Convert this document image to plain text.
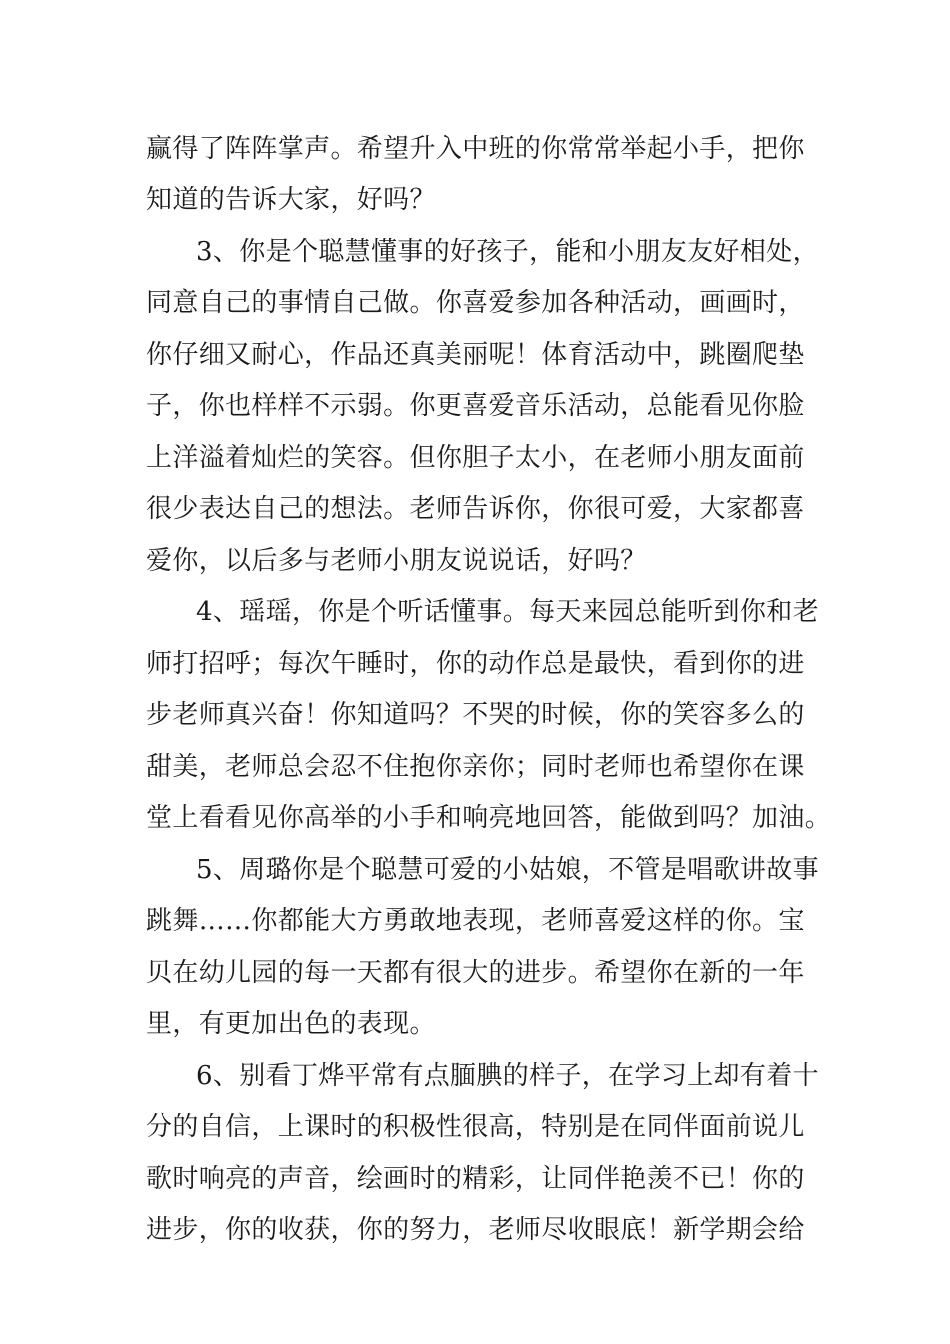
赢得了阵阵掌声。希望升入中班的你常常举起小手，把你
知道的告诉大家，好吗？
3、你是个聪慧懂事的好孩子，能和小朋友友好相处，
同意自己的事情自己做。你喜爱参加各种活动，画画时，
你仔细又耐心，作品还真美丽呢！体育活动中，跳圈爬垫
子，你也样样不示弱。你更喜爱音乐活动，总能看见你脸
上洋溢着灿烂的笑容。但你胆子太小，在老师小朋友面前
很少表达自己的想法。老师告诉你，你很可爱，大家都喜
爱你，以后多与老师小朋友说说话，好吗？
4、瑶瑶，你是个听话懂事。每天来园总能听到你和老
师打招呼；每次午睡时，你的动作总是最快，看到你的进
步老师真兴奋！你知道吗？不哭的时候，你的笑容多么的
甜美，老师总会忍不住抱你亲你；同时老师也希望你在课
堂上看看见你高举的小手和响亮地回答，能做到吗？加油。
5、周璐你是个聪慧可爱的小姑娘，不管是唱歌讲故事
跳舞……你都能大方勇敢地表现，老师喜爱这样的你。宝
贝在幼儿园的每一天都有很大的进步。希望你在新的一年
里，有更加出色的表现。
6、别看丁烨平常有点腼腆的样子，在学习上却有着十
分的自信，上课时的积极性很高，特别是在同伴面前说儿
歌时响亮的声音，绘画时的精彩，让同伴艳羡不已！你的
进步，你的收获，你的努力，老师尽收眼底！新学期会给
